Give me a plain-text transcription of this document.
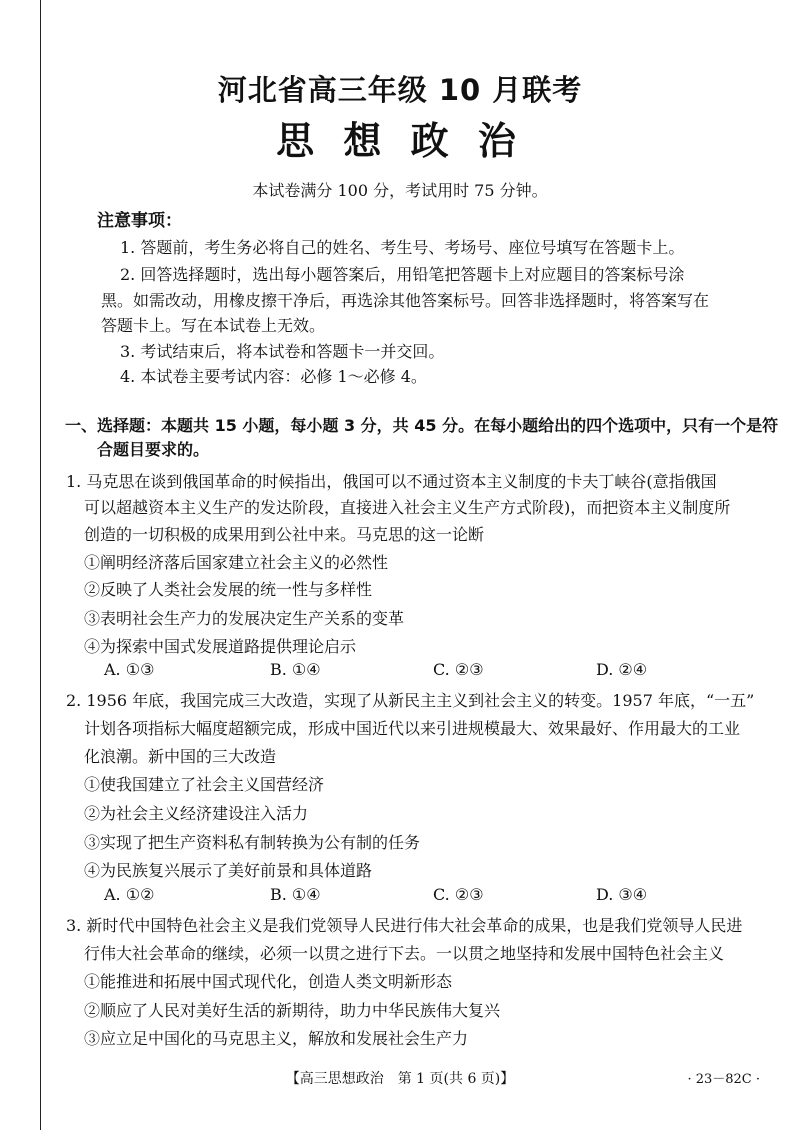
河北省高三年级 10 月联考
思 想 政 治
本试卷满分 100 分，考试用时 75 分钟。
注意事项：
1. 答题前，考生务必将自己的姓名、考生号、考场号、座位号填写在答题卡上。
2. 回答选择题时，选出每小题答案后，用铅笔把答题卡上对应题目的答案标号涂
黑。如需改动，用橡皮擦干净后，再选涂其他答案标号。回答非选择题时，将答案写在
答题卡上。写在本试卷上无效。
3. 考试结束后，将本试卷和答题卡一并交回。
4. 本试卷主要考试内容：必修 1～必修 4。
一、选择题：本题共 15 小题，每小题 3 分，共 45 分。在每小题给出的四个选项中，只有一个是符
合题目要求的。
1. 马克思在谈到俄国革命的时候指出，俄国可以不通过资本主义制度的卡夫丁峡谷(意指俄国
可以超越资本主义生产的发达阶段，直接进入社会主义生产方式阶段)，而把资本主义制度所
创造的一切积极的成果用到公社中来。马克思的这一论断
①阐明经济落后国家建立社会主义的必然性
②反映了人类社会发展的统一性与多样性
③表明社会生产力的发展决定生产关系的变革
④为探索中国式发展道路提供理论启示
A. ①③	B. ①④	C. ②③	D. ②④
2. 1956 年底，我国完成三大改造，实现了从新民主主义到社会主义的转变。1957 年底，“一五”
计划各项指标大幅度超额完成，形成中国近代以来引进规模最大、效果最好、作用最大的工业
化浪潮。新中国的三大改造
①使我国建立了社会主义国营经济
②为社会主义经济建设注入活力
③实现了把生产资料私有制转换为公有制的任务
④为民族复兴展示了美好前景和具体道路
A. ①②	B. ①④	C. ②③	D. ③④
3. 新时代中国特色社会主义是我们党领导人民进行伟大社会革命的成果，也是我们党领导人民进
行伟大社会革命的继续，必须一以贯之进行下去。一以贯之地坚持和发展中国特色社会主义
①能推进和拓展中国式现代化，创造人类文明新形态
②顺应了人民对美好生活的新期待，助力中华民族伟大复兴
③应立足中国化的马克思主义，解放和发展社会生产力
【高三思想政治　第 1 页(共 6 页)】	· 23－82C ·
